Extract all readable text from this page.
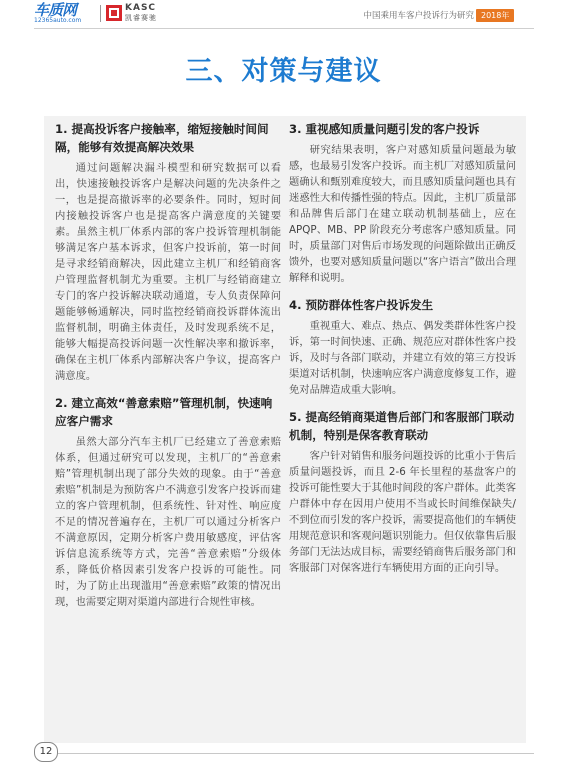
车质网
12365auto.com
KASC
凯睿赛驰	中国乘用车客户投诉行为研究 2018年
三、对策与建议
1. 提高投诉客户接触率，缩短接触时间间隔，能够有效提高解决效果

通过问题解决漏斗模型和研究数据可以看出，快速接触投诉客户是解决问题的先决条件之一，也是提高撤诉率的必要条件。同时，短时间内接触投诉客户也是提高客户满意度的关键要素。虽然主机厂体系内部的客户投诉管理机制能够满足客户基本诉求，但客户投诉前，第一时间是寻求经销商解决，因此建立主机厂和经销商客户管理监督机制尤为重要。主机厂与经销商建立专门的客户投诉解决联动通道，专人负责保障问题能够畅通解决，同时监控经销商投诉群体流出监督机制，明确主体责任，及时发现系统不足，能够大幅提高投诉问题一次性解决率和撤诉率，确保在主机厂体系内部解决客户争议，提高客户满意度。

2. 建立高效“善意索赔”管理机制，快速响应客户需求

虽然大部分汽车主机厂已经建立了善意索赔体系，但通过研究可以发现，主机厂的“善意索赔”管理机制出现了部分失效的现象。由于“善意索赔”机制是为预防客户不满意引发客户投诉而建立的客户管理机制，但系统性、针对性、响应度不足的情况普遍存在，主机厂可以通过分析客户不满意原因，定期分析客户费用敏感度，评估客诉信息流系统等方式，完善“善意索赔”分级体系，降低价格因素引发客户投诉的可能性。同时，为了防止出现滥用“善意索赔”政策的情况出现，也需要定期对渠道内部进行合规性审核。

3. 重视感知质量问题引发的客户投诉

研究结果表明，客户对感知质量问题最为敏感，也最易引发客户投诉。而主机厂对感知质量问题确认和甄别难度较大，而且感知质量问题也具有迷惑性大和传播性强的特点。因此，主机厂质量部和品牌售后部门在建立联动机制基础上，应在 APQP、MB、PP 阶段充分考虑客户感知质量。同时，质量部门对售后市场发现的问题除做出正确反馈外，也要对感知质量问题以“客户语言”做出合理解释和说明。

4. 预防群体性客户投诉发生

重视重大、难点、热点、偶发类群体性客户投诉，第一时间快速、正确、规范应对群体性客户投诉，及时与各部门联动，并建立有效的第三方投诉渠道对话机制，快速响应客户满意度修复工作，避免对品牌造成重大影响。

5. 提高经销商渠道售后部门和客服部门联动机制，特别是保客教育联动

客户针对销售和服务问题投诉的比重小于售后质量问题投诉，而且 2-6 年长里程的基盘客户的投诉可能性要大于其他时间段的客户群体。此类客户群体中存在因用户使用不当或长时间维保缺失/不到位而引发的客户投诉，需要提高他们的车辆使用规范意识和客观问题识别能力。但仅依靠售后服务部门无法达成目标，需要经销商售后服务部门和客服部门对保客进行车辆使用方面的正向引导。

12
